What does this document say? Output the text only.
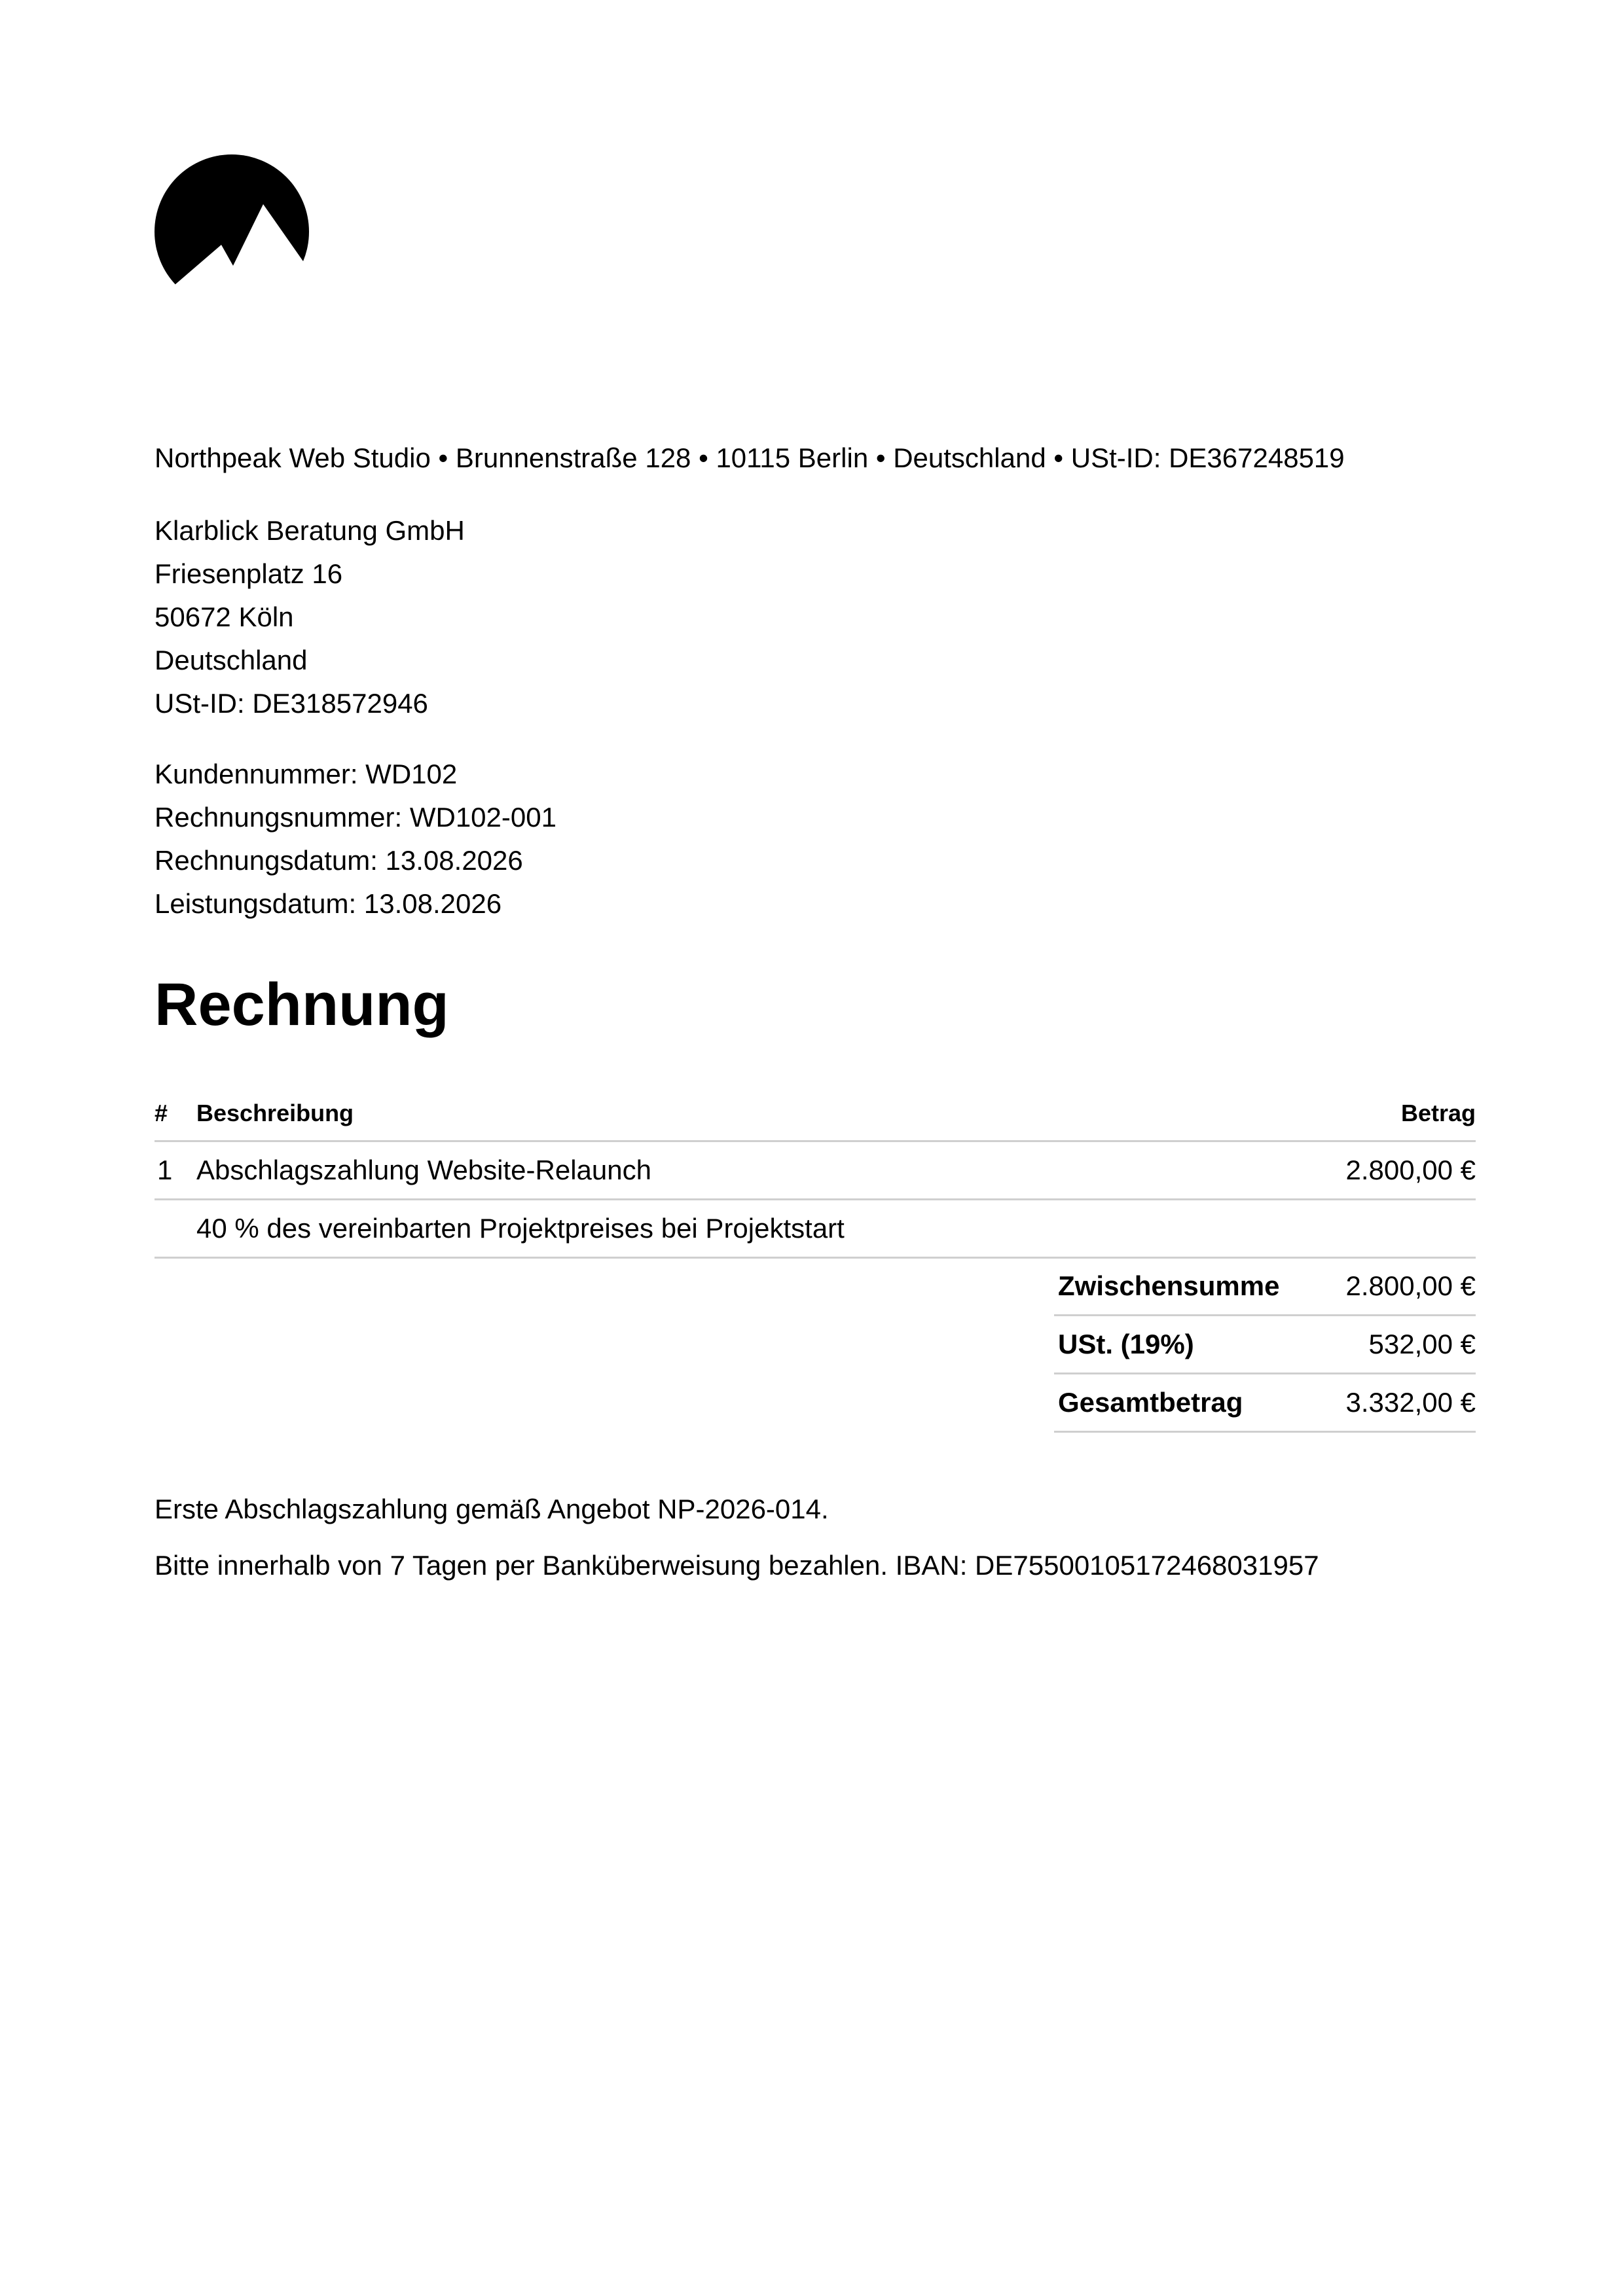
Northpeak Web Studio • Brunnenstraße 128 • 10115 Berlin • Deutschland • USt-ID: DE367248519
Klarblick Beratung GmbH
Friesenplatz 16
50672 Köln
Deutschland
USt-ID: DE318572946
Kundennummer: WD102
Rechnungsnummer: WD102-001
Rechnungsdatum: 13.08.2026
Leistungsdatum: 13.08.2026
Rechnung
#	Beschreibung	Betrag
1	Abschlagszahlung Website-Relaunch	2.800,00 €
	40 % des vereinbarten Projektpreises bei Projektstart	
Zwischensumme	2.800,00 €
USt. (19%)	532,00 €
Gesamtbetrag	3.332,00 €
Erste Abschlagszahlung gemäß Angebot NP-2026-014.
Bitte innerhalb von 7 Tagen per Banküberweisung bezahlen. IBAN: DE75500105172468031957
